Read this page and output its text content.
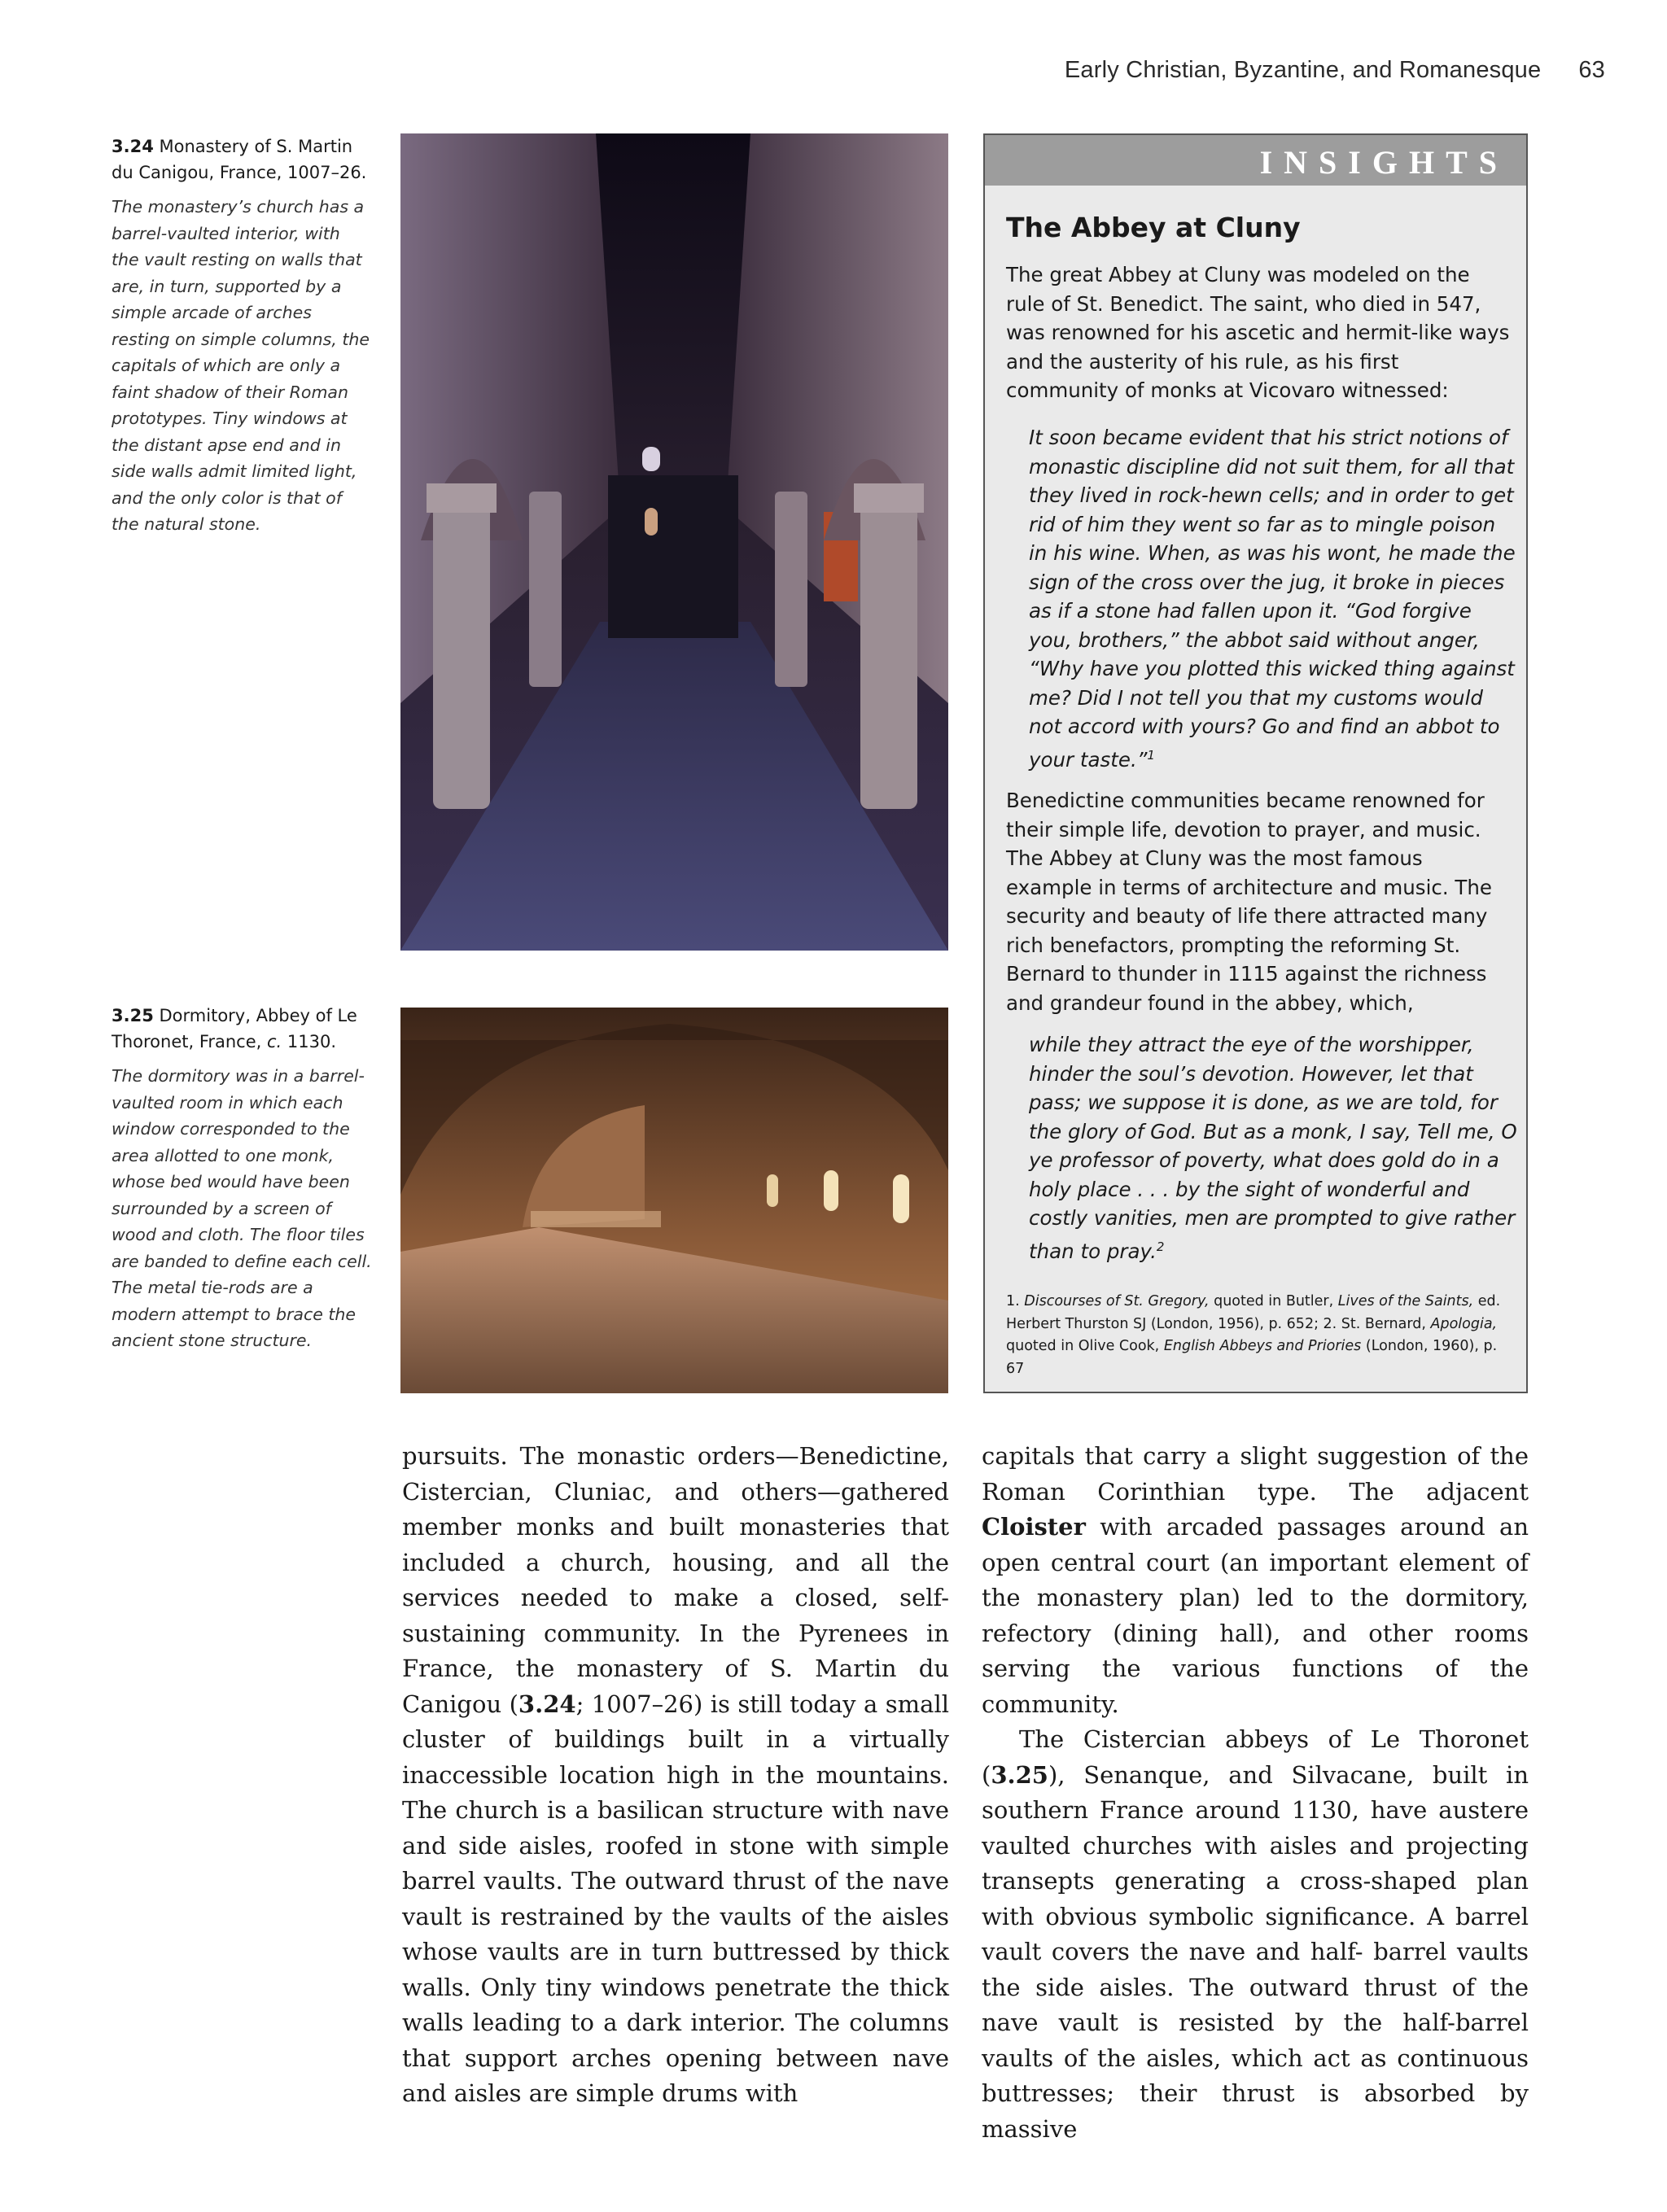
Early Christian, Byzantine, and Romanesque 63
3.24 Monastery of S. Martin du Canigou, France, 1007–26.
The monastery’s church has a barrel-vaulted interior, with the vault resting on walls that are, in turn, supported by a simple arcade of arches resting on simple columns, the capitals of which are only a faint shadow of their Roman prototypes. Tiny windows at the distant apse end and in side walls admit limited light, and the only color is that of the natural stone.
3.25 Dormitory, Abbey of Le Thoronet, France, c. 1130.
The dormitory was in a barrel-vaulted room in which each window corresponded to the area allotted to one monk, whose bed would have been surrounded by a screen of wood and cloth. The floor tiles are banded to define each cell. The metal tie-rods are a modern attempt to brace the ancient stone structure.
INSIGHTS
The Abbey at Cluny
The great Abbey at Cluny was modeled on the rule of St. Benedict. The saint, who died in 547, was renowned for his ascetic and hermit-like ways and the austerity of his rule, as his first community of monks at Vicovaro witnessed:
It soon became evident that his strict notions of monastic discipline did not suit them, for all that they lived in rock-hewn cells; and in order to get rid of him they went so far as to mingle poison in his wine. When, as was his wont, he made the sign of the cross over the jug, it broke in pieces as if a stone had fallen upon it. “God forgive you, brothers,” the abbot said without anger, “Why have you plotted this wicked thing against me? Did I not tell you that my customs would not accord with yours? Go and find an abbot to your taste.”$^1$
Benedictine communities became renowned for their simple life, devotion to prayer, and music. The Abbey at Cluny was the most famous example in terms of architecture and music. The security and beauty of life there attracted many rich benefactors, prompting the reforming St. Bernard to thunder in 1115 against the richness and grandeur found in the abbey, which,
while they attract the eye of the worshipper, hinder the soul’s devotion. However, let that pass; we suppose it is done, as we are told, for the glory of God. But as a monk, I say, Tell me, O ye professor of poverty, what does gold do in a holy place . . . by the sight of wonderful and costly vanities, men are prompted to give rather than to pray.$^2$
1. Discourses of St. Gregory, quoted in Butler, Lives of the Saints, ed. Herbert Thurston SJ (London, 1956), p. 652; 2. St. Bernard, Apologia, quoted in Olive Cook, English Abbeys and Priories (London, 1960), p. 67

pursuits. The monastic orders—Benedictine, Cistercian, Cluniac, and others—gathered member monks and built monasteries that included a church, housing, and all the services needed to make a closed, self-sustaining community. In the Pyrenees in France, the monastery of S. Martin du Canigou (3.24; 1007–26) is still today a small cluster of buildings built in a virtually inaccessible location high in the mountains. The church is a basilican structure with nave and side aisles, roofed in stone with simple barrel vaults. The outward thrust of the nave vault is restrained by the vaults of the aisles whose vaults are in turn buttressed by thick walls. Only tiny windows penetrate the thick walls leading to a dark interior. The columns that support arches opening between nave and aisles are simple drums with

capitals that carry a slight suggestion of the Roman Corinthian type. The adjacent Cloister with arcaded passages around an open central court (an important element of the monastery plan) led to the dormitory, refectory (dining hall), and other rooms serving the various functions of the community.

The Cistercian abbeys of Le Thoronet (3.25), Senanque, and Silvacane, built in southern France around 1130, have austere vaulted churches with aisles and projecting transepts generating a cross-shaped plan with obvious symbolic significance. A barrel vault covers the nave and half- barrel vaults the side aisles. The outward thrust of the nave vault is resisted by the half-barrel vaults of the aisles, which act as continuous buttresses; their thrust is absorbed by massive
